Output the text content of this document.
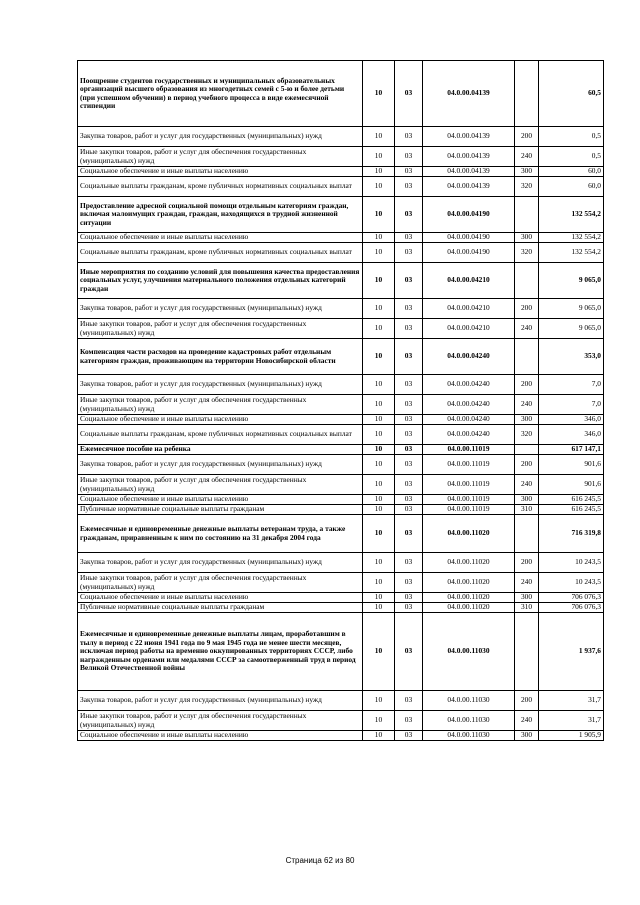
Поощрение студентов государственных и муниципальных образовательных организаций высшего образования из многодетных семей с 5-ю и более детьми (при успешном обучении) в период учебного процесса в виде ежемесячной стипендии	10	03	04.0.00.04139		60,5
Закупка товаров, работ и услуг для государственных (муниципальных) нужд	10	03	04.0.00.04139	200	0,5
Иные закупки товаров, работ и услуг для обеспечения государственных (муниципальных) нужд	10	03	04.0.00.04139	240	0,5
Социальное обеспечение и иные выплаты населению	10	03	04.0.00.04139	300	60,0
Социальные выплаты гражданам, кроме публичных нормативных социальных выплат	10	03	04.0.00.04139	320	60,0
Предоставление адресной социальной помощи отдельным категориям граждан, включая малоимущих граждан, граждан, находящихся в трудной жизненной ситуации	10	03	04.0.00.04190		132 554,2
Социальное обеспечение и иные выплаты населению	10	03	04.0.00.04190	300	132 554,2
Социальные выплаты гражданам, кроме публичных нормативных социальных выплат	10	03	04.0.00.04190	320	132 554,2
Иные мероприятия по созданию условий для повышения качества предоставления социальных услуг, улучшения материального положения отдельных категорий граждан	10	03	04.0.00.04210		9 065,0
Закупка товаров, работ и услуг для государственных (муниципальных) нужд	10	03	04.0.00.04210	200	9 065,0
Иные закупки товаров, работ и услуг для обеспечения государственных (муниципальных) нужд	10	03	04.0.00.04210	240	9 065,0
Компенсация части расходов на проведение кадастровых работ отдельным категориям граждан, проживающим на территории Новосибирской области	10	03	04.0.00.04240		353,0
Закупка товаров, работ и услуг для государственных (муниципальных) нужд	10	03	04.0.00.04240	200	7,0
Иные закупки товаров, работ и услуг для обеспечения государственных (муниципальных) нужд	10	03	04.0.00.04240	240	7,0
Социальное обеспечение и иные выплаты населению	10	03	04.0.00.04240	300	346,0
Социальные выплаты гражданам, кроме публичных нормативных социальных выплат	10	03	04.0.00.04240	320	346,0
Ежемесячное пособие на ребенка	10	03	04.0.00.11019		617 147,1
Закупка товаров, работ и услуг для государственных (муниципальных) нужд	10	03	04.0.00.11019	200	901,6
Иные закупки товаров, работ и услуг для обеспечения государственных (муниципальных) нужд	10	03	04.0.00.11019	240	901,6
Социальное обеспечение и иные выплаты населению	10	03	04.0.00.11019	300	616 245,5
Публичные нормативные социальные выплаты гражданам	10	03	04.0.00.11019	310	616 245,5
Ежемесячные и единовременные денежные выплаты ветеранам труда, а также гражданам, приравненным к ним по состоянию на 31 декабря 2004 года	10	03	04.0.00.11020		716 319,8
Закупка товаров, работ и услуг для государственных (муниципальных) нужд	10	03	04.0.00.11020	200	10 243,5
Иные закупки товаров, работ и услуг для обеспечения государственных (муниципальных) нужд	10	03	04.0.00.11020	240	10 243,5
Социальное обеспечение и иные выплаты населению	10	03	04.0.00.11020	300	706 076,3
Публичные нормативные социальные выплаты гражданам	10	03	04.0.00.11020	310	706 076,3
Ежемесячные и единовременные денежные выплаты лицам, проработавшим в тылу в период с 22 июня 1941 года по 9 мая 1945 года не менее шести месяцев, исключая период работы на временно оккупированных территориях СССР, либо награжденным орденами или медалями СССР за самоотверженный труд в период Великой Отечественной войны	10	03	04.0.00.11030		1 937,6
Закупка товаров, работ и услуг для государственных (муниципальных) нужд	10	03	04.0.00.11030	200	31,7
Иные закупки товаров, работ и услуг для обеспечения государственных (муниципальных) нужд	10	03	04.0.00.11030	240	31,7
Социальное обеспечение и иные выплаты населению	10	03	04.0.00.11030	300	1 905,9
Страница 62 из 80
